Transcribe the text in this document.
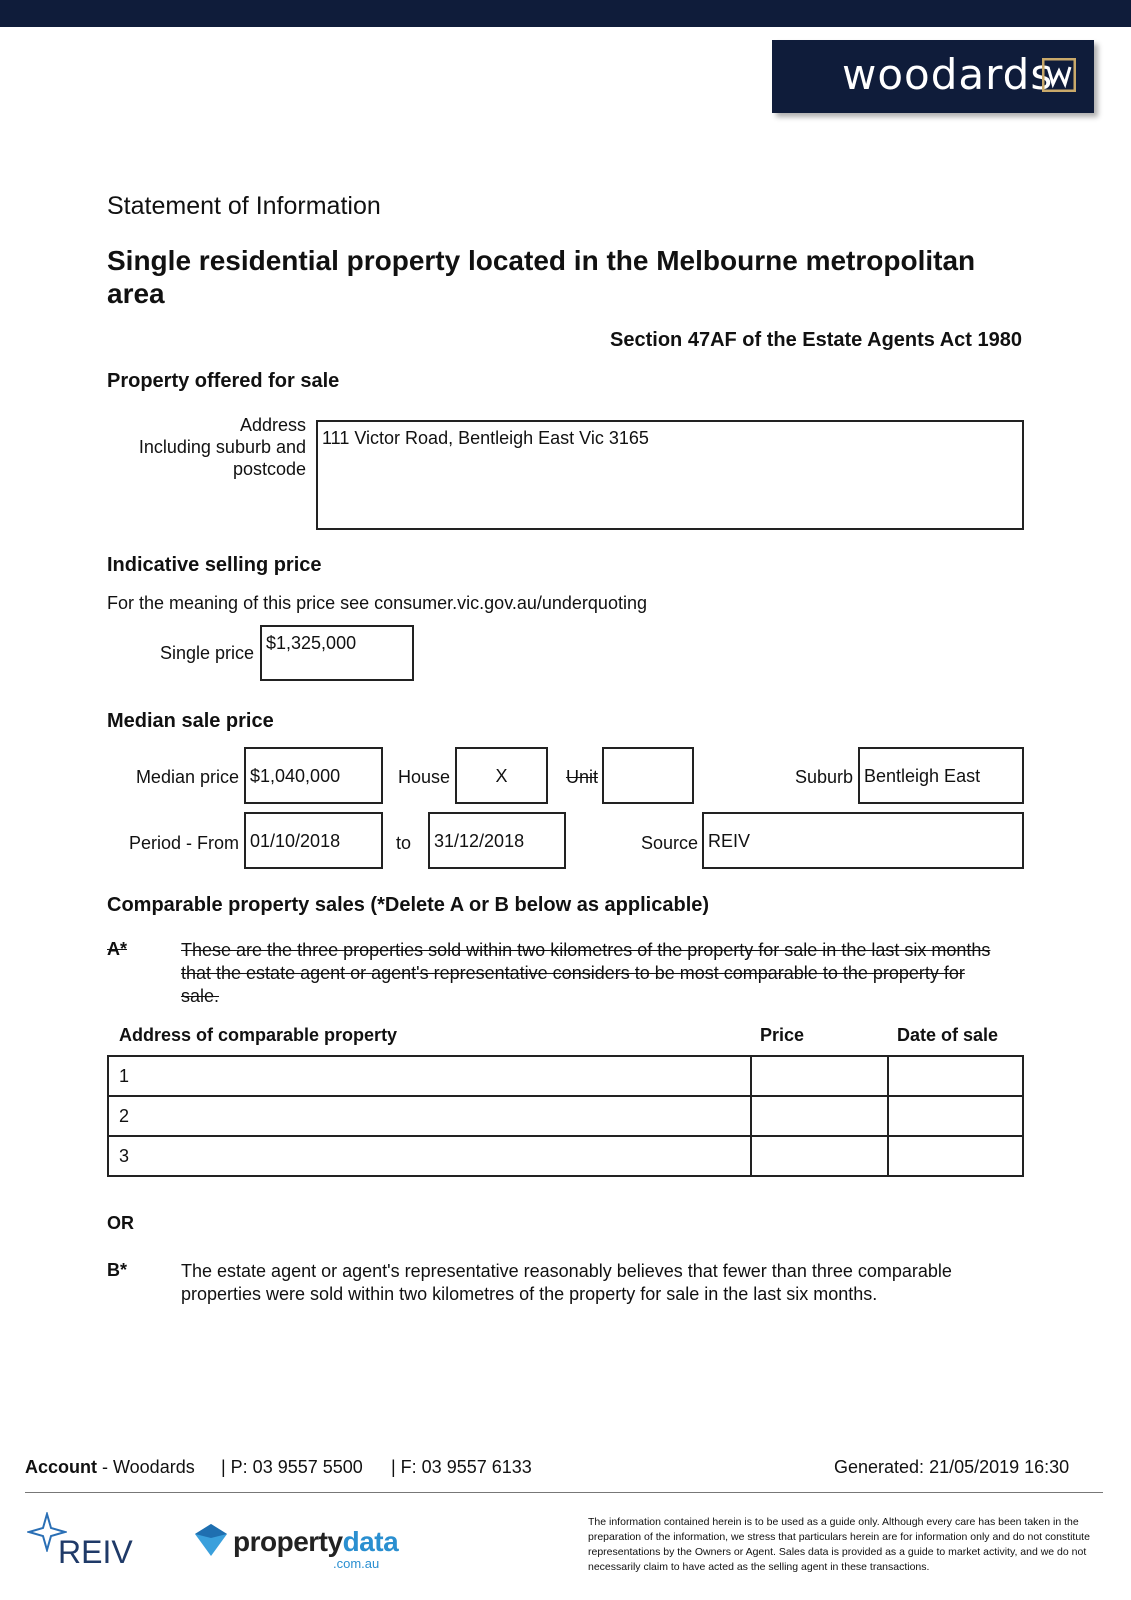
woodards
Statement of Information
Single residential property located in the Melbourne metropolitan area
Section 47AF of the Estate Agents Act 1980
Property offered for sale
Address
Including suburb and
postcode
111 Victor Road, Bentleigh East Vic 3165
Indicative selling price
For the meaning of this price see consumer.vic.gov.au/underquoting
Single price $1,325,000
Median sale price
Median price $1,040,000	House	X	Unit	Suburb Bentleigh East
Period - From 01/10/2018	to	31/12/2018	Source REIV
Comparable property sales (*Delete A or B below as applicable)
A*	These are the three properties sold within two kilometres of the property for sale in the last six months that the estate agent or agent's representative considers to be most comparable to the property for sale.
Address of comparable property	Price	Date of sale
1		
2		
3		
OR
B*	The estate agent or agent's representative reasonably believes that fewer than three comparable properties were sold within two kilometres of the property for sale in the last six months.
Account - Woodards | P: 03 9557 5500 | F: 03 9557 6133	Generated: 21/05/2019 16:30
REIV	propertydata
.com.au
The information contained herein is to be used as a guide only. Although every care has been taken in the preparation of the information, we stress that particulars herein are for information only and do not constitute representations by the Owners or Agent. Sales data is provided as a guide to market activity, and we do not necessarily claim to have acted as the selling agent in these transactions.
